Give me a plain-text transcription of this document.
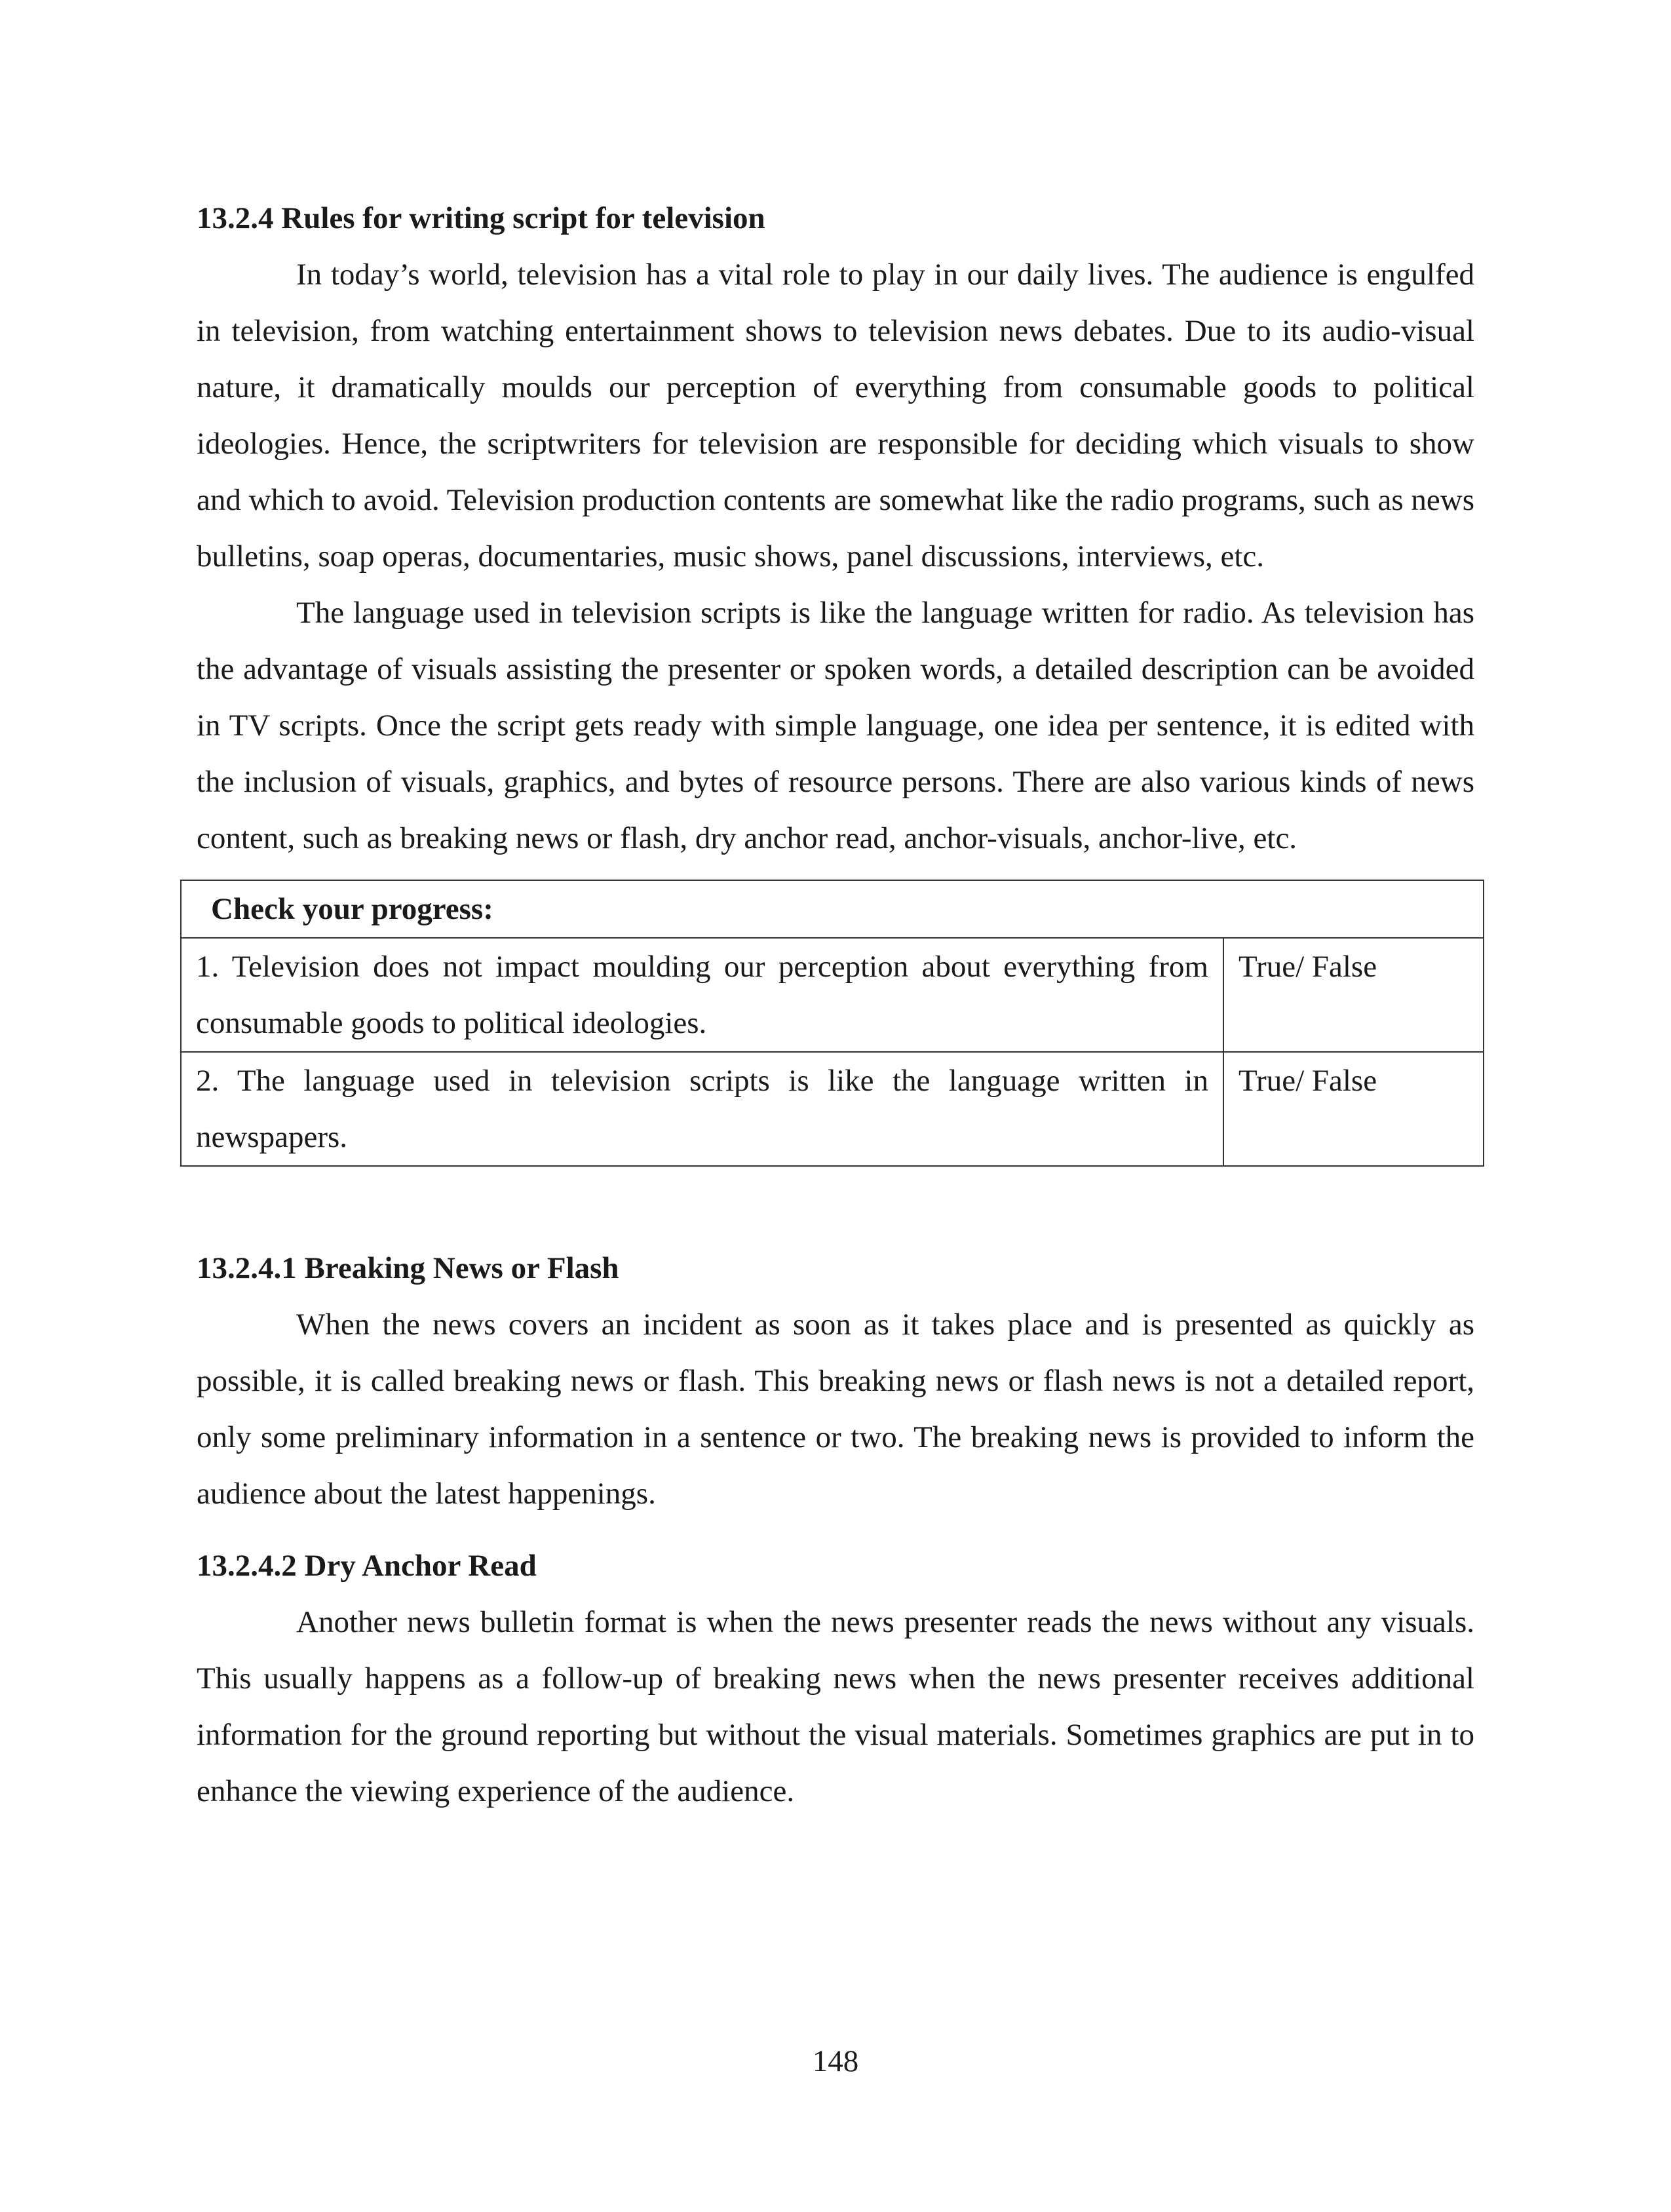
13.2.4 Rules for writing script for television

In today’s world, television has a vital role to play in our daily lives. The audience is engulfed in television, from watching entertainment shows to television news debates. Due to its audio-visual nature, it dramatically moulds our perception of everything from consumable goods to political ideologies. Hence, the scriptwriters for television are responsible for deciding which visuals to show and which to avoid. Television production contents are somewhat like the radio programs, such as news bulletins, soap operas, documentaries, music shows, panel discussions, interviews, etc.

The language used in television scripts is like the language written for radio. As television has the advantage of visuals assisting the presenter or spoken words, a detailed description can be avoided in TV scripts. Once the script gets ready with simple language, one idea per sentence, it is edited with the inclusion of visuals, graphics, and bytes of resource persons. There are also various kinds of news content, such as breaking news or flash, dry anchor read, anchor-visuals, anchor-live, etc.

Check your progress:	
1. Television does not impact moulding our perception about everything from consumable goods to political ideologies.	True/ False
2. The language used in television scripts is like the language written in newspapers.	True/ False
13.2.4.1 Breaking News or Flash

When the news covers an incident as soon as it takes place and is presented as quickly as possible, it is called breaking news or flash. This breaking news or flash news is not a detailed report, only some preliminary information in a sentence or two. The breaking news is provided to inform the audience about the latest happenings.

13.2.4.2 Dry Anchor Read

Another news bulletin format is when the news presenter reads the news without any visuals. This usually happens as a follow-up of breaking news when the news presenter receives additional information for the ground reporting but without the visual materials. Sometimes graphics are put in to enhance the viewing experience of the audience.

148
